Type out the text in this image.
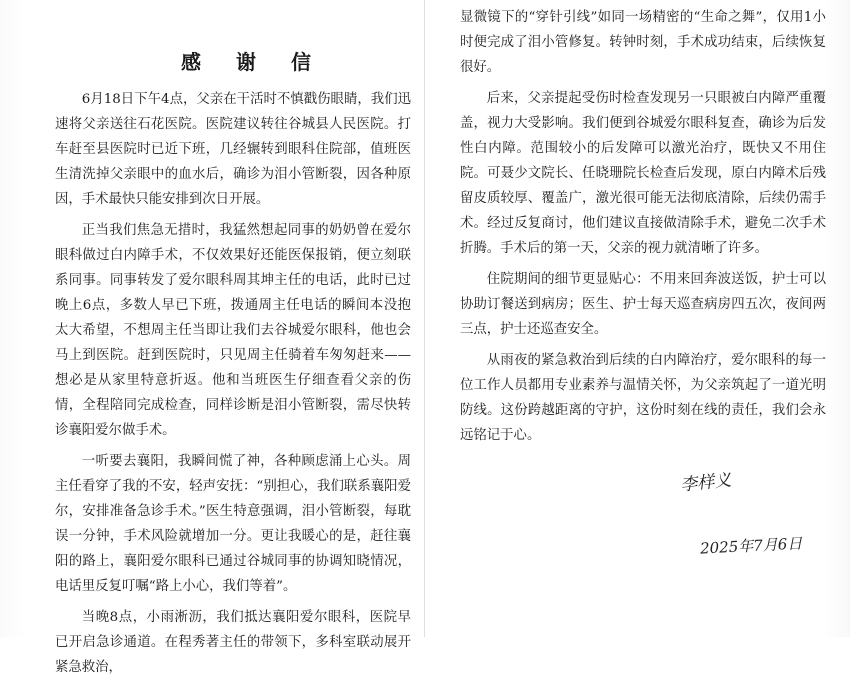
感 谢 信

6月18日下午4点，父亲在干活时不慎戳伤眼睛，我们迅速将父亲送往石花医院。医院建议转往谷城县人民医院。打车赶至县医院时已近下班，几经辗转到眼科住院部，值班医生清洗掉父亲眼中的血水后，确诊为泪小管断裂，因各种原因，手术最快只能安排到次日开展。

正当我们焦急无措时，我猛然想起同事的奶奶曾在爱尔眼科做过白内障手术，不仅效果好还能医保报销，便立刻联系同事。同事转发了爱尔眼科周其坤主任的电话，此时已过晚上6点，多数人早已下班，拨通周主任电话的瞬间本没抱太大希望，不想周主任当即让我们去谷城爱尔眼科，他也会马上到医院。赶到医院时，只见周主任骑着车匆匆赶来——想必是从家里特意折返。他和当班医生仔细查看父亲的伤情，全程陪同完成检查，同样诊断是泪小管断裂，需尽快转诊襄阳爱尔做手术。

一听要去襄阳，我瞬间慌了神，各种顾虑涌上心头。周主任看穿了我的不安，轻声安抚：“别担心，我们联系襄阳爱尔，安排准备急诊手术。”医生特意强调，泪小管断裂，每耽误一分钟，手术风险就增加一分。更让我暖心的是，赶往襄阳的路上，襄阳爱尔眼科已通过谷城同事的协调知晓情况，电话里反复叮嘱“路上小心，我们等着”。

当晚8点，小雨淅沥，我们抵达襄阳爱尔眼科，医院早已开启急诊通道。在程秀著主任的带领下，多科室联动展开紧急救治，

显微镜下的“穿针引线”如同一场精密的“生命之舞”，仅用1小时便完成了泪小管修复。转钟时刻，手术成功结束，后续恢复很好。

后来，父亲提起受伤时检查发现另一只眼被白内障严重覆盖，视力大受影响。我们便到谷城爱尔眼科复查，确诊为后发性白内障。范围较小的后发障可以激光治疗，既快又不用住院。可聂少文院长、任晓珊院长检查后发现，原白内障术后残留皮质较厚、覆盖广，激光很可能无法彻底清除，后续仍需手术。经过反复商讨，他们建议直接做清除手术，避免二次手术折腾。手术后的第一天，父亲的视力就清晰了许多。

住院期间的细节更显贴心：不用来回奔波送饭，护士可以协助订餐送到病房；医生、护士每天巡查病房四五次，夜间两三点，护士还巡查安全。

从雨夜的紧急救治到后续的白内障治疗，爱尔眼科的每一位工作人员都用专业素养与温情关怀，为父亲筑起了一道光明防线。这份跨越距离的守护，这份时刻在线的责任，我们会永远铭记于心。

李样义
2025年7月6日
